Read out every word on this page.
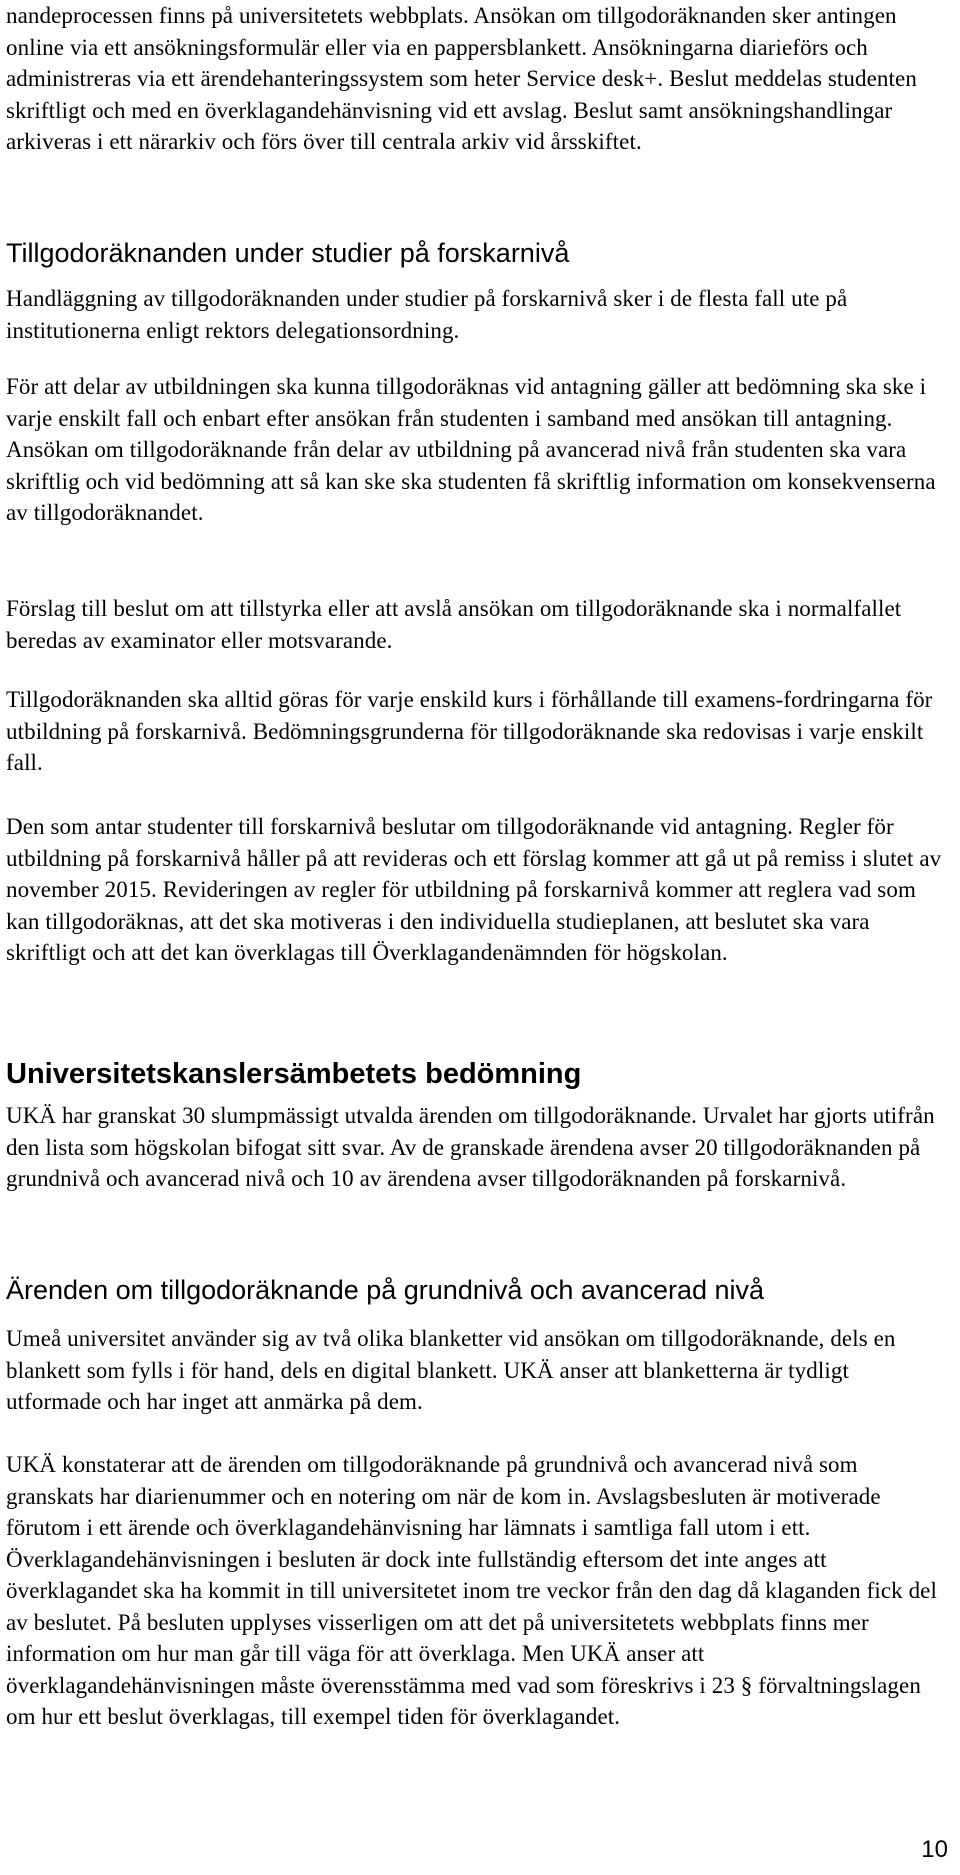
nandeprocessen finns på universitetets webbplats. Ansökan om tillgodoräknanden sker antingen online via ett ansökningsformulär eller via en pappersblankett. Ansökningarna diarieförs och administreras via ett ärendehanteringssystem som heter Service desk+. Beslut meddelas studenten skriftligt och med en överklagandehänvisning vid ett avslag. Beslut samt ansökningshandlingar arkiveras i ett närarkiv och förs över till centrala arkiv vid årsskiftet.

Tillgodoräknanden under studier på forskarnivå

Handläggning av tillgodoräknanden under studier på forskarnivå sker i de flesta fall ute på institutionerna enligt rektors delegationsordning.

För att delar av utbildningen ska kunna tillgodoräknas vid antagning gäller att bedömning ska ske i varje enskilt fall och enbart efter ansökan från studenten i samband med ansökan till antagning. Ansökan om tillgodoräknande från delar av utbildning på avancerad nivå från studenten ska vara skriftlig och vid bedömning att så kan ske ska studenten få skriftlig information om konsekvenserna av tillgodoräknandet.

Förslag till beslut om att tillstyrka eller att avslå ansökan om tillgodoräknande ska i normalfallet beredas av examinator eller motsvarande.

Tillgodoräknanden ska alltid göras för varje enskild kurs i förhållande till examens-fordringarna för utbildning på forskarnivå. Bedömningsgrunderna för tillgodoräknande ska redovisas i varje enskilt fall.

Den som antar studenter till forskarnivå beslutar om tillgodoräknande vid antagning. Regler för utbildning på forskarnivå håller på att revideras och ett förslag kommer att gå ut på remiss i slutet av november 2015. Revideringen av regler för utbildning på forskarnivå kommer att reglera vad som kan tillgodoräknas, att det ska motiveras i den individuella studieplanen, att beslutet ska vara skriftligt och att det kan överklagas till Överklagandenämnden för högskolan.

Universitetskanslersämbetets bedömning

UKÄ har granskat 30 slumpmässigt utvalda ärenden om tillgodoräknande. Urvalet har gjorts utifrån den lista som högskolan bifogat sitt svar. Av de granskade ärendena avser 20 tillgodoräknanden på grundnivå och avancerad nivå och 10 av ärendena avser tillgodoräknanden på forskarnivå.

Ärenden om tillgodoräknande på grundnivå och avancerad nivå

Umeå universitet använder sig av två olika blanketter vid ansökan om tillgodoräknande, dels en blankett som fylls i för hand, dels en digital blankett. UKÄ anser att blanketterna är tydligt utformade och har inget att anmärka på dem.

UKÄ konstaterar att de ärenden om tillgodoräknande på grundnivå och avancerad nivå som granskats har diarienummer och en notering om när de kom in. Avslagsbesluten är motiverade förutom i ett ärende och överklagandehänvisning har lämnats i samtliga fall utom i ett. Överklagandehänvisningen i besluten är dock inte fullständig eftersom det inte anges att överklagandet ska ha kommit in till universitetet inom tre veckor från den dag då klaganden fick del av beslutet. På besluten upplyses visserligen om att det på universitetets webbplats finns mer information om hur man går till väga för att överklaga. Men UKÄ anser att överklagandehänvisningen måste överensstämma med vad som föreskrivs i 23 § förvaltningslagen om hur ett beslut överklagas, till exempel tiden för överklagandet.

10
